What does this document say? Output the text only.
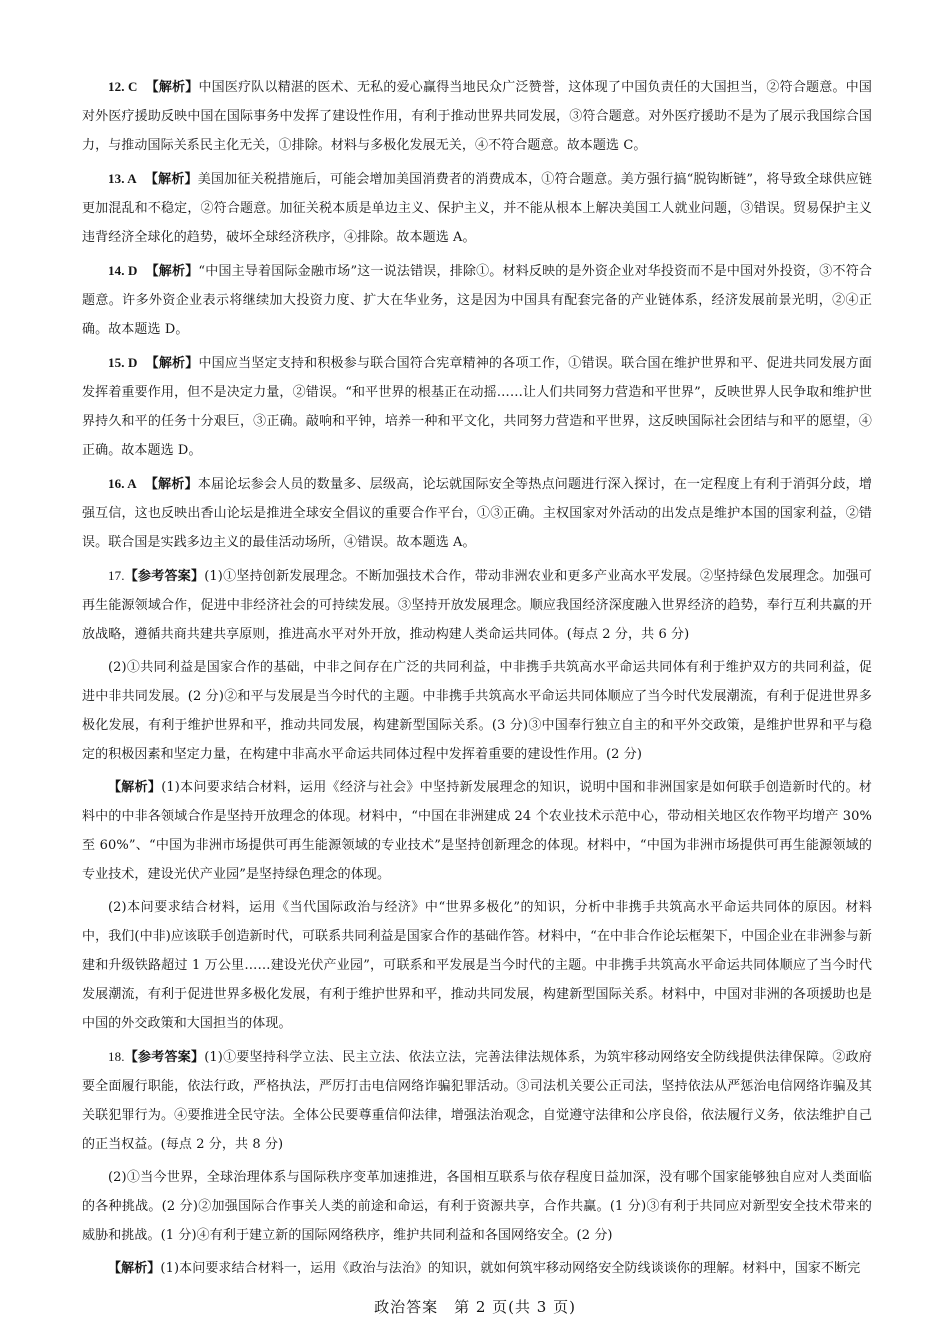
12. C 【解析】中国医疗队以精湛的医术、无私的爱心赢得当地民众广泛赞誉，这体现了中国负责任的大国担当，②符合题意。中国对外医疗援助反映中国在国际事务中发挥了建设性作用，有利于推动世界共同发展，③符合题意。对外医疗援助不是为了展示我国综合国力，与推动国际关系民主化无关，①排除。材料与多极化发展无关，④不符合题意。故本题选 C。

13. A 【解析】美国加征关税措施后，可能会增加美国消费者的消费成本，①符合题意。美方强行搞“脱钩断链”，将导致全球供应链更加混乱和不稳定，②符合题意。加征关税本质是单边主义、保护主义，并不能从根本上解决美国工人就业问题，③错误。贸易保护主义违背经济全球化的趋势，破坏全球经济秩序，④排除。故本题选 A。

14. D 【解析】“中国主导着国际金融市场”这一说法错误，排除①。材料反映的是外资企业对华投资而不是中国对外投资，③不符合题意。许多外资企业表示将继续加大投资力度、扩大在华业务，这是因为中国具有配套完备的产业链体系，经济发展前景光明，②④正确。故本题选 D。

15. D 【解析】中国应当坚定支持和积极参与联合国符合宪章精神的各项工作，①错误。联合国在维护世界和平、促进共同发展方面发挥着重要作用，但不是决定力量，②错误。“和平世界的根基正在动摇……让人们共同努力营造和平世界”，反映世界人民争取和维护世界持久和平的任务十分艰巨，③正确。敲响和平钟，培养一种和平文化，共同努力营造和平世界，这反映国际社会团结与和平的愿望，④正确。故本题选 D。

16. A 【解析】本届论坛参会人员的数量多、层级高，论坛就国际安全等热点问题进行深入探讨，在一定程度上有利于消弭分歧，增强互信，这也反映出香山论坛是推进全球安全倡议的重要合作平台，①③正确。主权国家对外活动的出发点是维护本国的国家利益，②错误。联合国是实践多边主义的最佳活动场所，④错误。故本题选 A。

17.【参考答案】(1)①坚持创新发展理念。不断加强技术合作，带动非洲农业和更多产业高水平发展。②坚持绿色发展理念。加强可再生能源领域合作，促进中非经济社会的可持续发展。③坚持开放发展理念。顺应我国经济深度融入世界经济的趋势，奉行互利共赢的开放战略，遵循共商共建共享原则，推进高水平对外开放，推动构建人类命运共同体。(每点 2 分，共 6 分)

(2)①共同利益是国家合作的基础，中非之间存在广泛的共同利益，中非携手共筑高水平命运共同体有利于维护双方的共同利益，促进中非共同发展。(2 分)②和平与发展是当今时代的主题。中非携手共筑高水平命运共同体顺应了当今时代发展潮流，有利于促进世界多极化发展，有利于维护世界和平，推动共同发展，构建新型国际关系。(3 分)③中国奉行独立自主的和平外交政策，是维护世界和平与稳定的积极因素和坚定力量，在构建中非高水平命运共同体过程中发挥着重要的建设性作用。(2 分)

【解析】(1)本问要求结合材料，运用《经济与社会》中坚持新发展理念的知识，说明中国和非洲国家是如何联手创造新时代的。材料中的中非各领域合作是坚持开放理念的体现。材料中，“中国在非洲建成 24 个农业技术示范中心，带动相关地区农作物平均增产 30% 至 60%”、“中国为非洲市场提供可再生能源领域的专业技术”是坚持创新理念的体现。材料中，“中国为非洲市场提供可再生能源领域的专业技术，建设光伏产业园”是坚持绿色理念的体现。

(2)本问要求结合材料，运用《当代国际政治与经济》中“世界多极化”的知识，分析中非携手共筑高水平命运共同体的原因。材料中，我们(中非)应该联手创造新时代，可联系共同利益是国家合作的基础作答。材料中，“在中非合作论坛框架下，中国企业在非洲参与新建和升级铁路超过 1 万公里……建设光伏产业园”，可联系和平发展是当今时代的主题。中非携手共筑高水平命运共同体顺应了当今时代发展潮流，有利于促进世界多极化发展，有利于维护世界和平，推动共同发展，构建新型国际关系。材料中，中国对非洲的各项援助也是中国的外交政策和大国担当的体现。

18.【参考答案】(1)①要坚持科学立法、民主立法、依法立法，完善法律法规体系，为筑牢移动网络安全防线提供法律保障。②政府要全面履行职能，依法行政，严格执法，严厉打击电信网络诈骗犯罪活动。③司法机关要公正司法，坚持依法从严惩治电信网络诈骗及其关联犯罪行为。④要推进全民守法。全体公民要尊重信仰法律，增强法治观念，自觉遵守法律和公序良俗，依法履行义务，依法维护自己的正当权益。(每点 2 分，共 8 分)

(2)①当今世界，全球治理体系与国际秩序变革加速推进，各国相互联系与依存程度日益加深，没有哪个国家能够独自应对人类面临的各种挑战。(2 分)②加强国际合作事关人类的前途和命运，有利于资源共享，合作共赢。(1 分)③有利于共同应对新型安全技术带来的威胁和挑战。(1 分)④有利于建立新的国际网络秩序，维护共同利益和各国网络安全。(2 分)

【解析】(1)本问要求结合材料一，运用《政治与法治》的知识，就如何筑牢移动网络安全防线谈谈你的理解。材料中，国家不断完

政治答案　第 2 页(共 3 页)
